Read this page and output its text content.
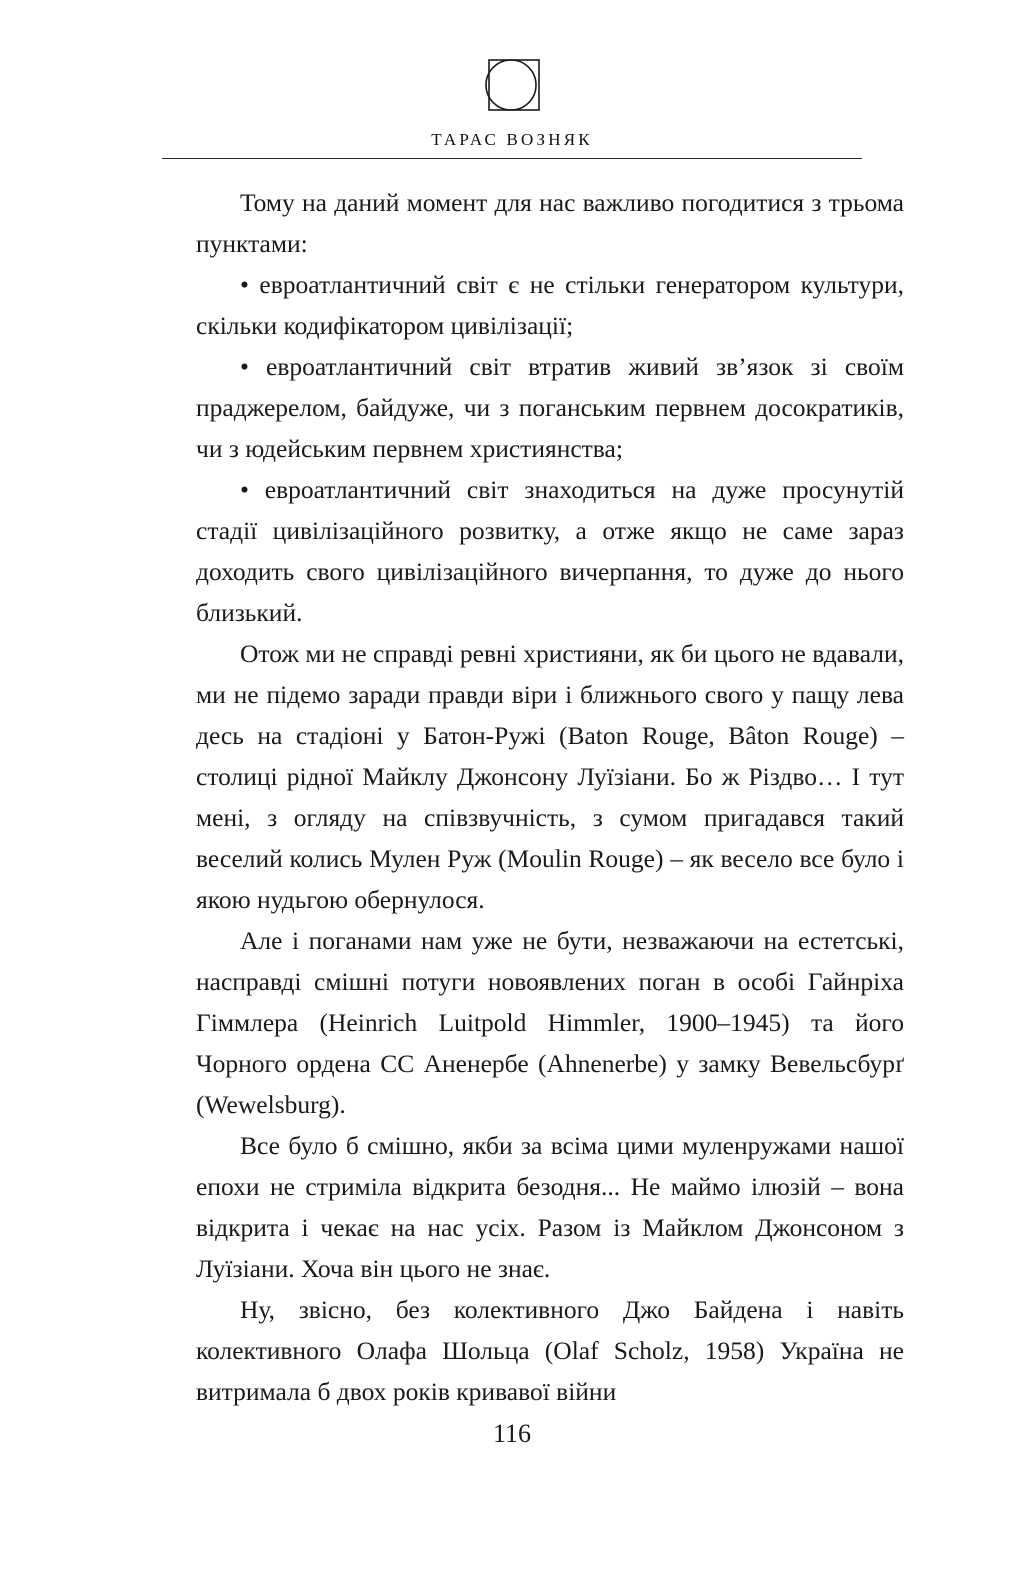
ТАРАС ВОЗНЯК

Тому на даний момент для нас важливо погодитися з трьома пунктами:

• евроатлантичний світ є не стільки генератором культури, скільки кодифікатором цивілізації;

• евроатлантичний світ втратив живий зв’язок зі своїм праджерелом, байдуже, чи з поганським первнем досократиків, чи з юдейським первнем християнства;

• евроатлантичний світ знаходиться на дуже просунутій стадії цивілізаційного розвитку, а отже якщо не саме зараз доходить свого цивілізаційного вичерпання, то дуже до нього близький.

Отож ми не справді ревні християни, як би цього не вдавали, ми не підемо заради правди віри і ближнього свого у пащу лева десь на стадіоні у Батон-Ружі (Baton Rouge, Bâton Rouge) – столиці рідної Майклу Джонсону Луїзіани. Бо ж Різдво… І тут мені, з огляду на співзвучність, з сумом пригадався такий веселий колись Мулен Руж (Moulin Rouge) – як весело все було і якою нудьгою обернулося.

Але і поганами нам уже не бути, незважаючи на естетські, насправді смішні потуги новоявлених поган в особі Гайнріха Гіммлера (Heinrich Luitpold Himmler, 1900–1945) та його Чорного ордена СС Аненербе (Ahnenerbe) у замку Вевельсбурґ (Wewelsburg).

Все було б смішно, якби за всіма цими муленружами нашої епохи не стриміла відкрита безодня... Не маймо ілюзій – вона відкрита і чекає на нас усіх. Разом із Майклом Джонсоном з Луїзіани. Хоча він цього не знає.

Ну, звісно, без колективного Джо Байдена і навіть колективного Олафа Шольца (Olaf Scholz, 1958) Україна не витримала б двох років кривавої війни

116
